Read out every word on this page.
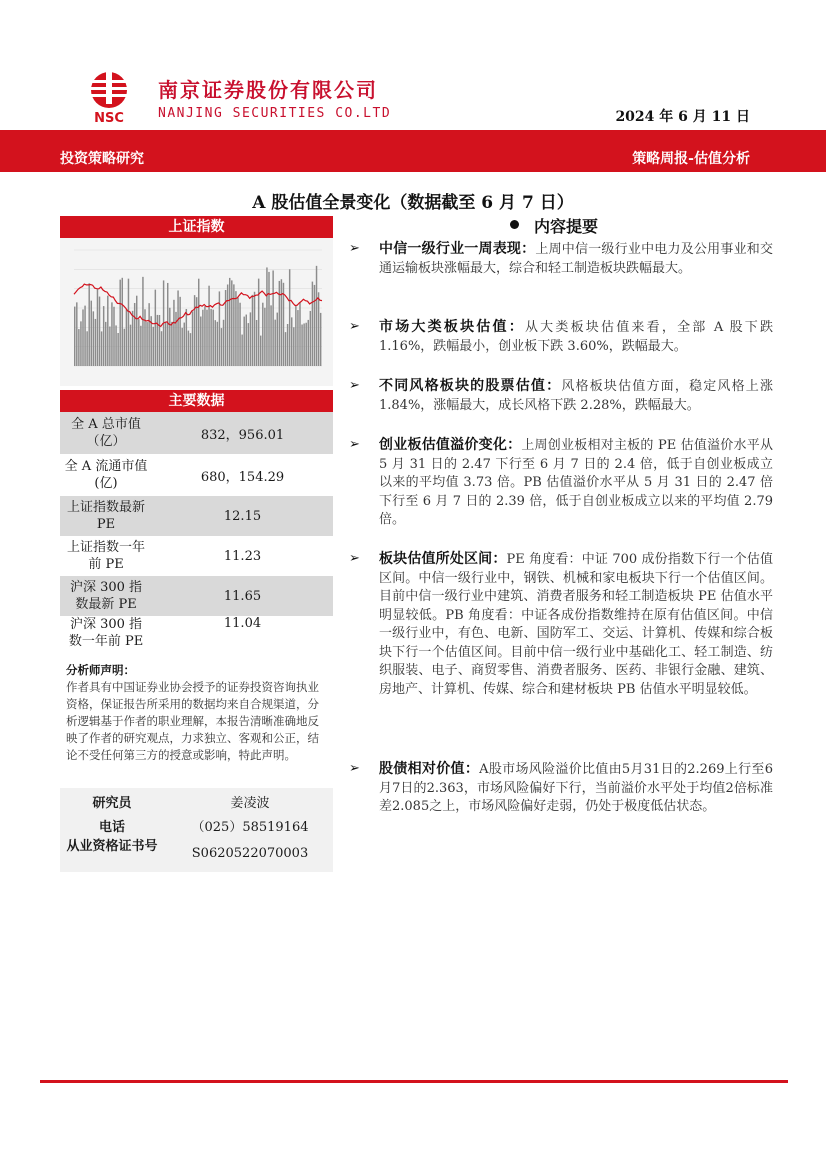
NSC
南京证券股份有限公司
NANJING SECURITIES CO.LTD	2024 年 6 月 11 日
投资策略研究	策略周报-估值分析
A 股估值全景变化（数据截至 6 月 7 日）
上证指数
主要数据
全 A 总市值（亿）	832，956.01
全 A 流通市值(亿)	680，154.29
上证指数最新 PE	12.15
上证指数一年前 PE	11.23
沪深 300 指数最新 PE	11.65
沪深 300 指数一年前 PE	11.04
分析师声明：
作者具有中国证券业协会授予的证券投资咨询执业资格，保证报告所采用的数据均来自合规渠道，分析逻辑基于作者的职业理解，本报告清晰准确地反映了作者的研究观点，力求独立、客观和公正，结论不受任何第三方的授意或影响，特此声明。
研究员	姜凌波
电话	（025）58519164
从业资格证书号	S0620522070003
内容提要
➢	中信一级行业一周表现：上周中信一级行业中电力及公用事业和交通运输板块涨幅最大，综合和轻工制造板块跌幅最大。
➢	市场大类板块估值：从大类板块估值来看，全部 A 股下跌 1.16%，跌幅最小，创业板下跌 3.60%，跌幅最大。
➢	不同风格板块的股票估值：风格板块估值方面，稳定风格上涨 1.84%，涨幅最大，成长风格下跌 2.28%，跌幅最大。
➢	创业板估值溢价变化：上周创业板相对主板的 PE 估值溢价水平从 5 月 31 日的 2.47 下行至 6 月 7 日的 2.4 倍，低于自创业板成立以来的平均值 3.73 倍。PB 估值溢价水平从 5 月 31 日的 2.47 倍下行至 6 月 7 日的 2.39 倍，低于自创业板成立以来的平均值 2.79 倍。
➢	板块估值所处区间：PE 角度看：中证 700 成份指数下行一个估值区间。中信一级行业中，钢铁、机械和家电板块下行一个估值区间。目前中信一级行业中建筑、消费者服务和轻工制造板块 PE 估值水平明显较低。PB 角度看：中证各成份指数维持在原有估值区间。中信一级行业中，有色、电新、国防军工、交运、计算机、传媒和综合板块下行一个估值区间。目前中信一级行业中基础化工、轻工制造、纺织服装、电子、商贸零售、消费者服务、医药、非银行金融、建筑、房地产、计算机、传媒、综合和建材板块 PB 估值水平明显较低。
➢	股债相对价值：A股市场风险溢价比值由5月31日的2.269上行至6月7日的2.363，市场风险偏好下行，当前溢价水平处于均值2倍标准差2.085之上，市场风险偏好走弱，仍处于极度低估状态。
